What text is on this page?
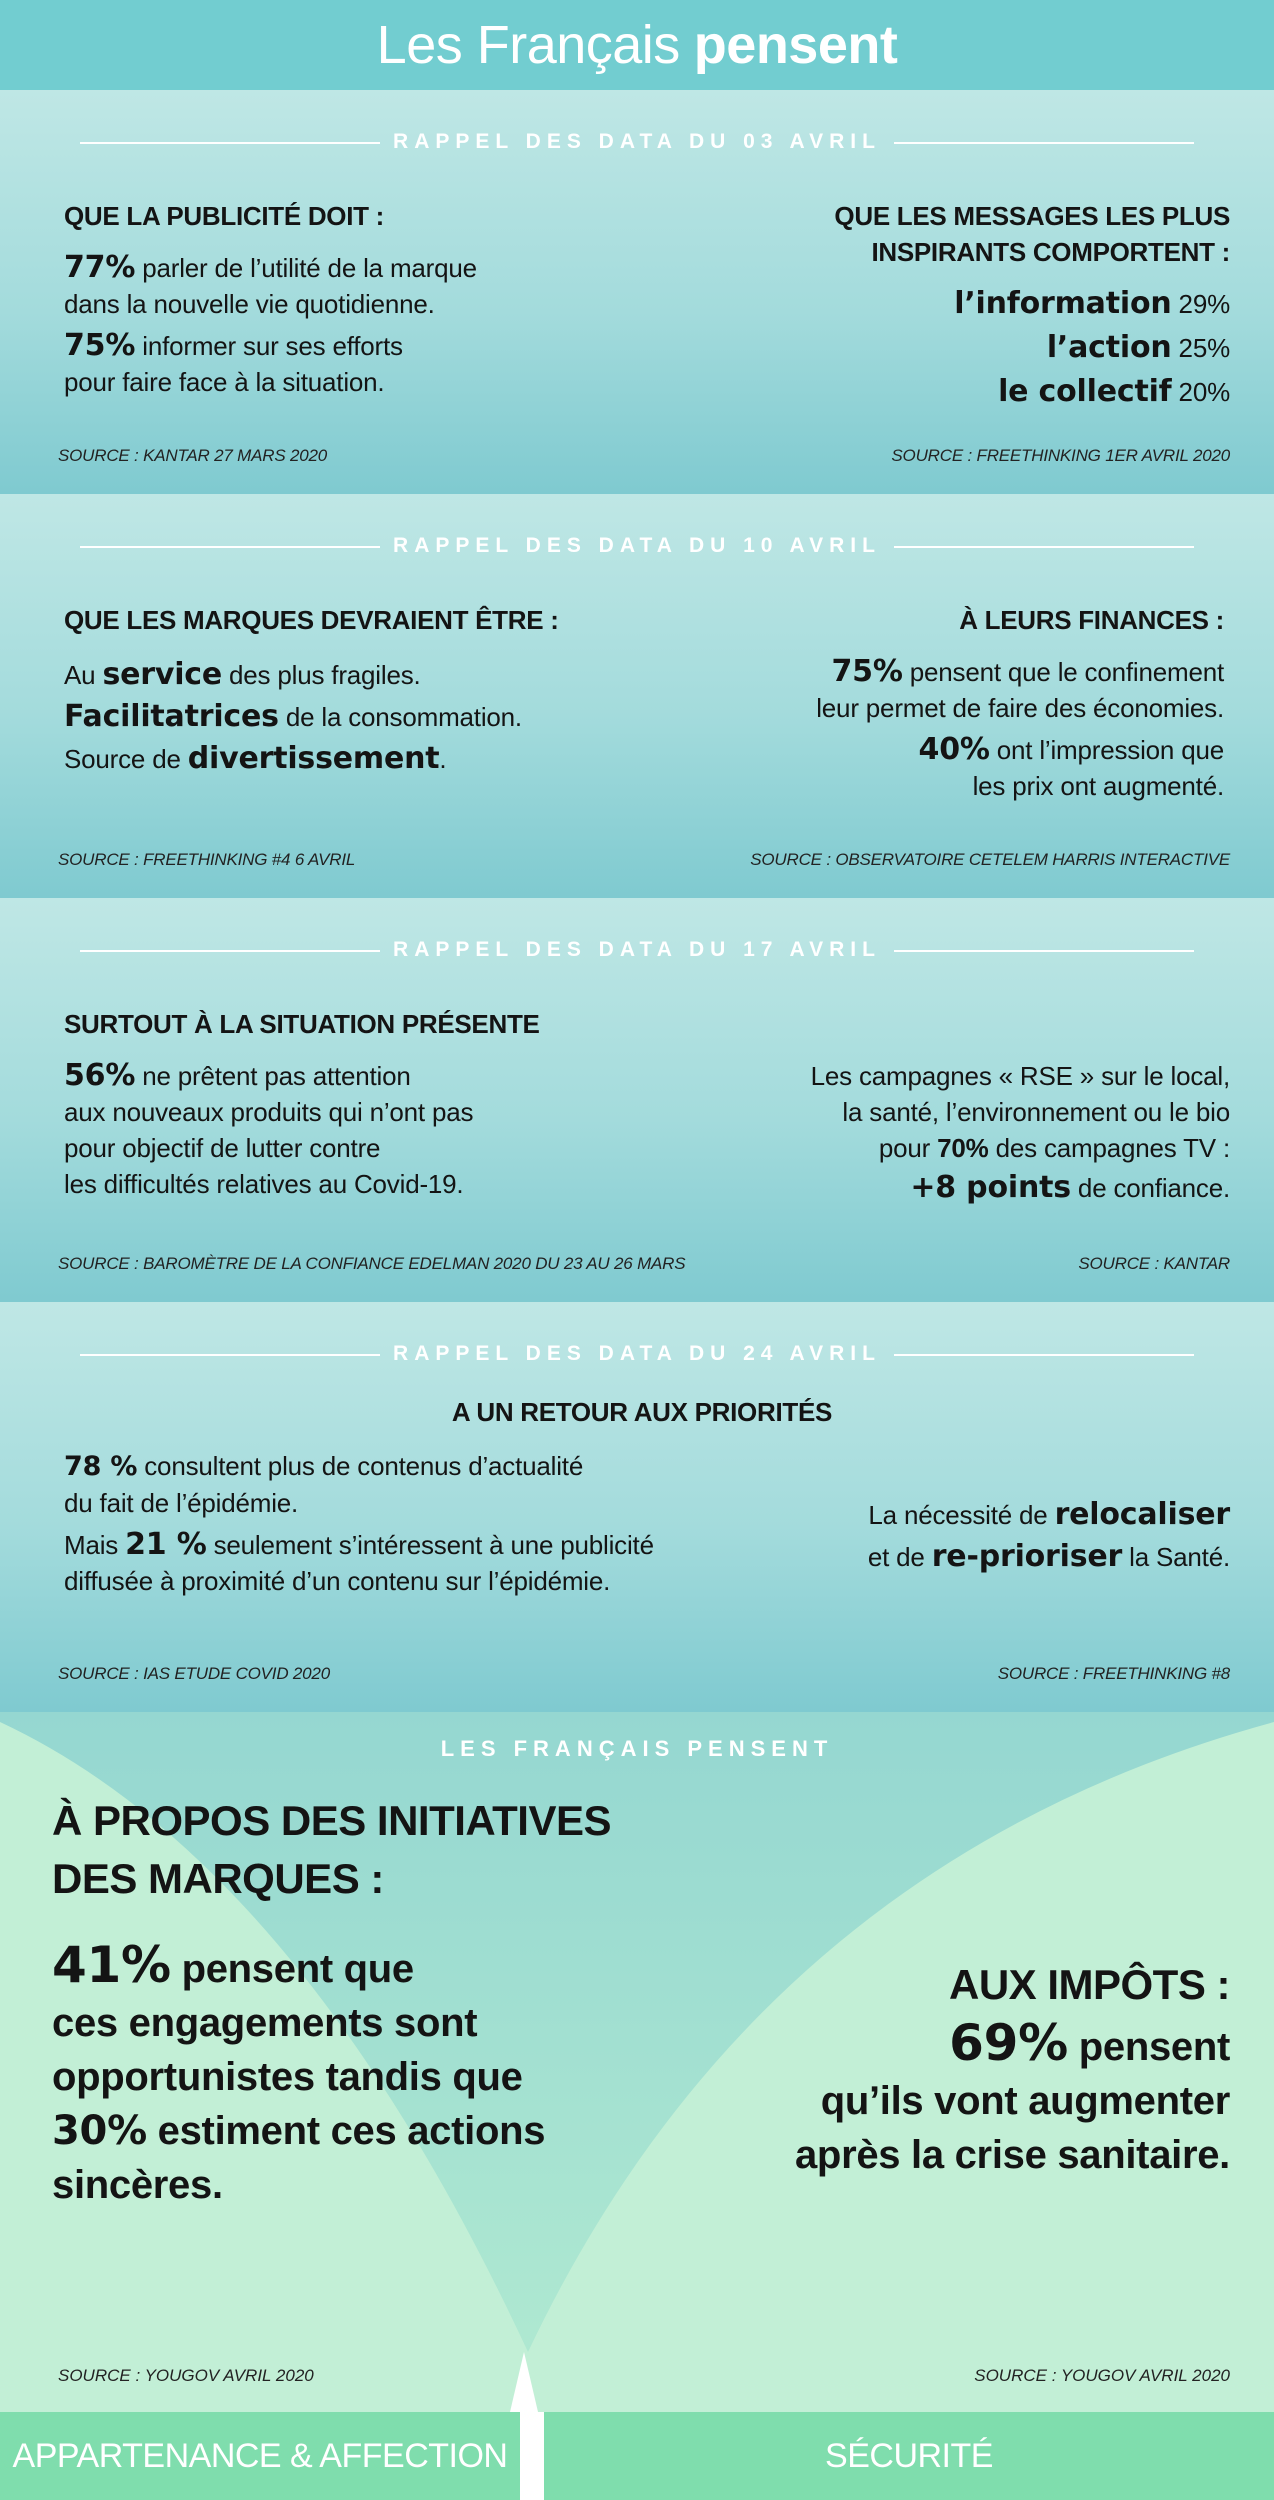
Les Français pensent
RAPPEL DES DATA DU 03 AVRIL
QUE LA PUBLICITÉ DOIT :
77% parler de l’utilité de la marque
dans la nouvelle vie quotidienne.
75% informer sur ses efforts
pour faire face à la situation.
QUE LES MESSAGES LES PLUS
INSPIRANTS COMPORTENT :
l’information 29%
l’action 25%
le collectif 20%
SOURCE : KANTAR 27 MARS 2020	SOURCE : FREETHINKING 1ER AVRIL 2020
RAPPEL DES DATA DU 10 AVRIL
QUE LES MARQUES DEVRAIENT ÊTRE :
Au service des plus fragiles.
Facilitatrices de la consommation.
Source de divertissement.
À LEURS FINANCES :
75% pensent que le confinement
leur permet de faire des économies.
40% ont l’impression que
les prix ont augmenté.
SOURCE : FREETHINKING #4 6 AVRIL	SOURCE : OBSERVATOIRE CETELEM HARRIS INTERACTIVE
RAPPEL DES DATA DU 17 AVRIL
SURTOUT À LA SITUATION PRÉSENTE
56% ne prêtent pas attention
aux nouveaux produits qui n’ont pas
pour objectif de lutter contre
les difficultés relatives au Covid-19.
Les campagnes « RSE » sur le local,
la santé, l’environnement ou le bio
pour 70% des campagnes TV :
+8 points de confiance.
SOURCE : BAROMÈTRE DE LA CONFIANCE EDELMAN 2020 DU 23 AU 26 MARS	SOURCE : KANTAR
RAPPEL DES DATA DU 24 AVRIL
A UN RETOUR AUX PRIORITÉS
78 % consultent plus de contenus d’actualité
du fait de l’épidémie.
Mais 21 % seulement s’intéressent à une publicité
diffusée à proximité d’un contenu sur l’épidémie.
La nécessité de relocaliser
et de re-prioriser la Santé.
SOURCE : IAS ETUDE COVID 2020	SOURCE : FREETHINKING #8
LES FRANÇAIS PENSENT
À PROPOS DES INITIATIVES
DES MARQUES :
41% pensent que
ces engagements sont
opportunistes tandis que
30% estiment ces actions
sincères.
AUX IMPÔTS :
69% pensent
qu’ils vont augmenter
après la crise sanitaire.
SOURCE : YOUGOV AVRIL 2020	SOURCE : YOUGOV AVRIL 2020
APPARTENANCE & AFFECTION	SÉCURITÉ
